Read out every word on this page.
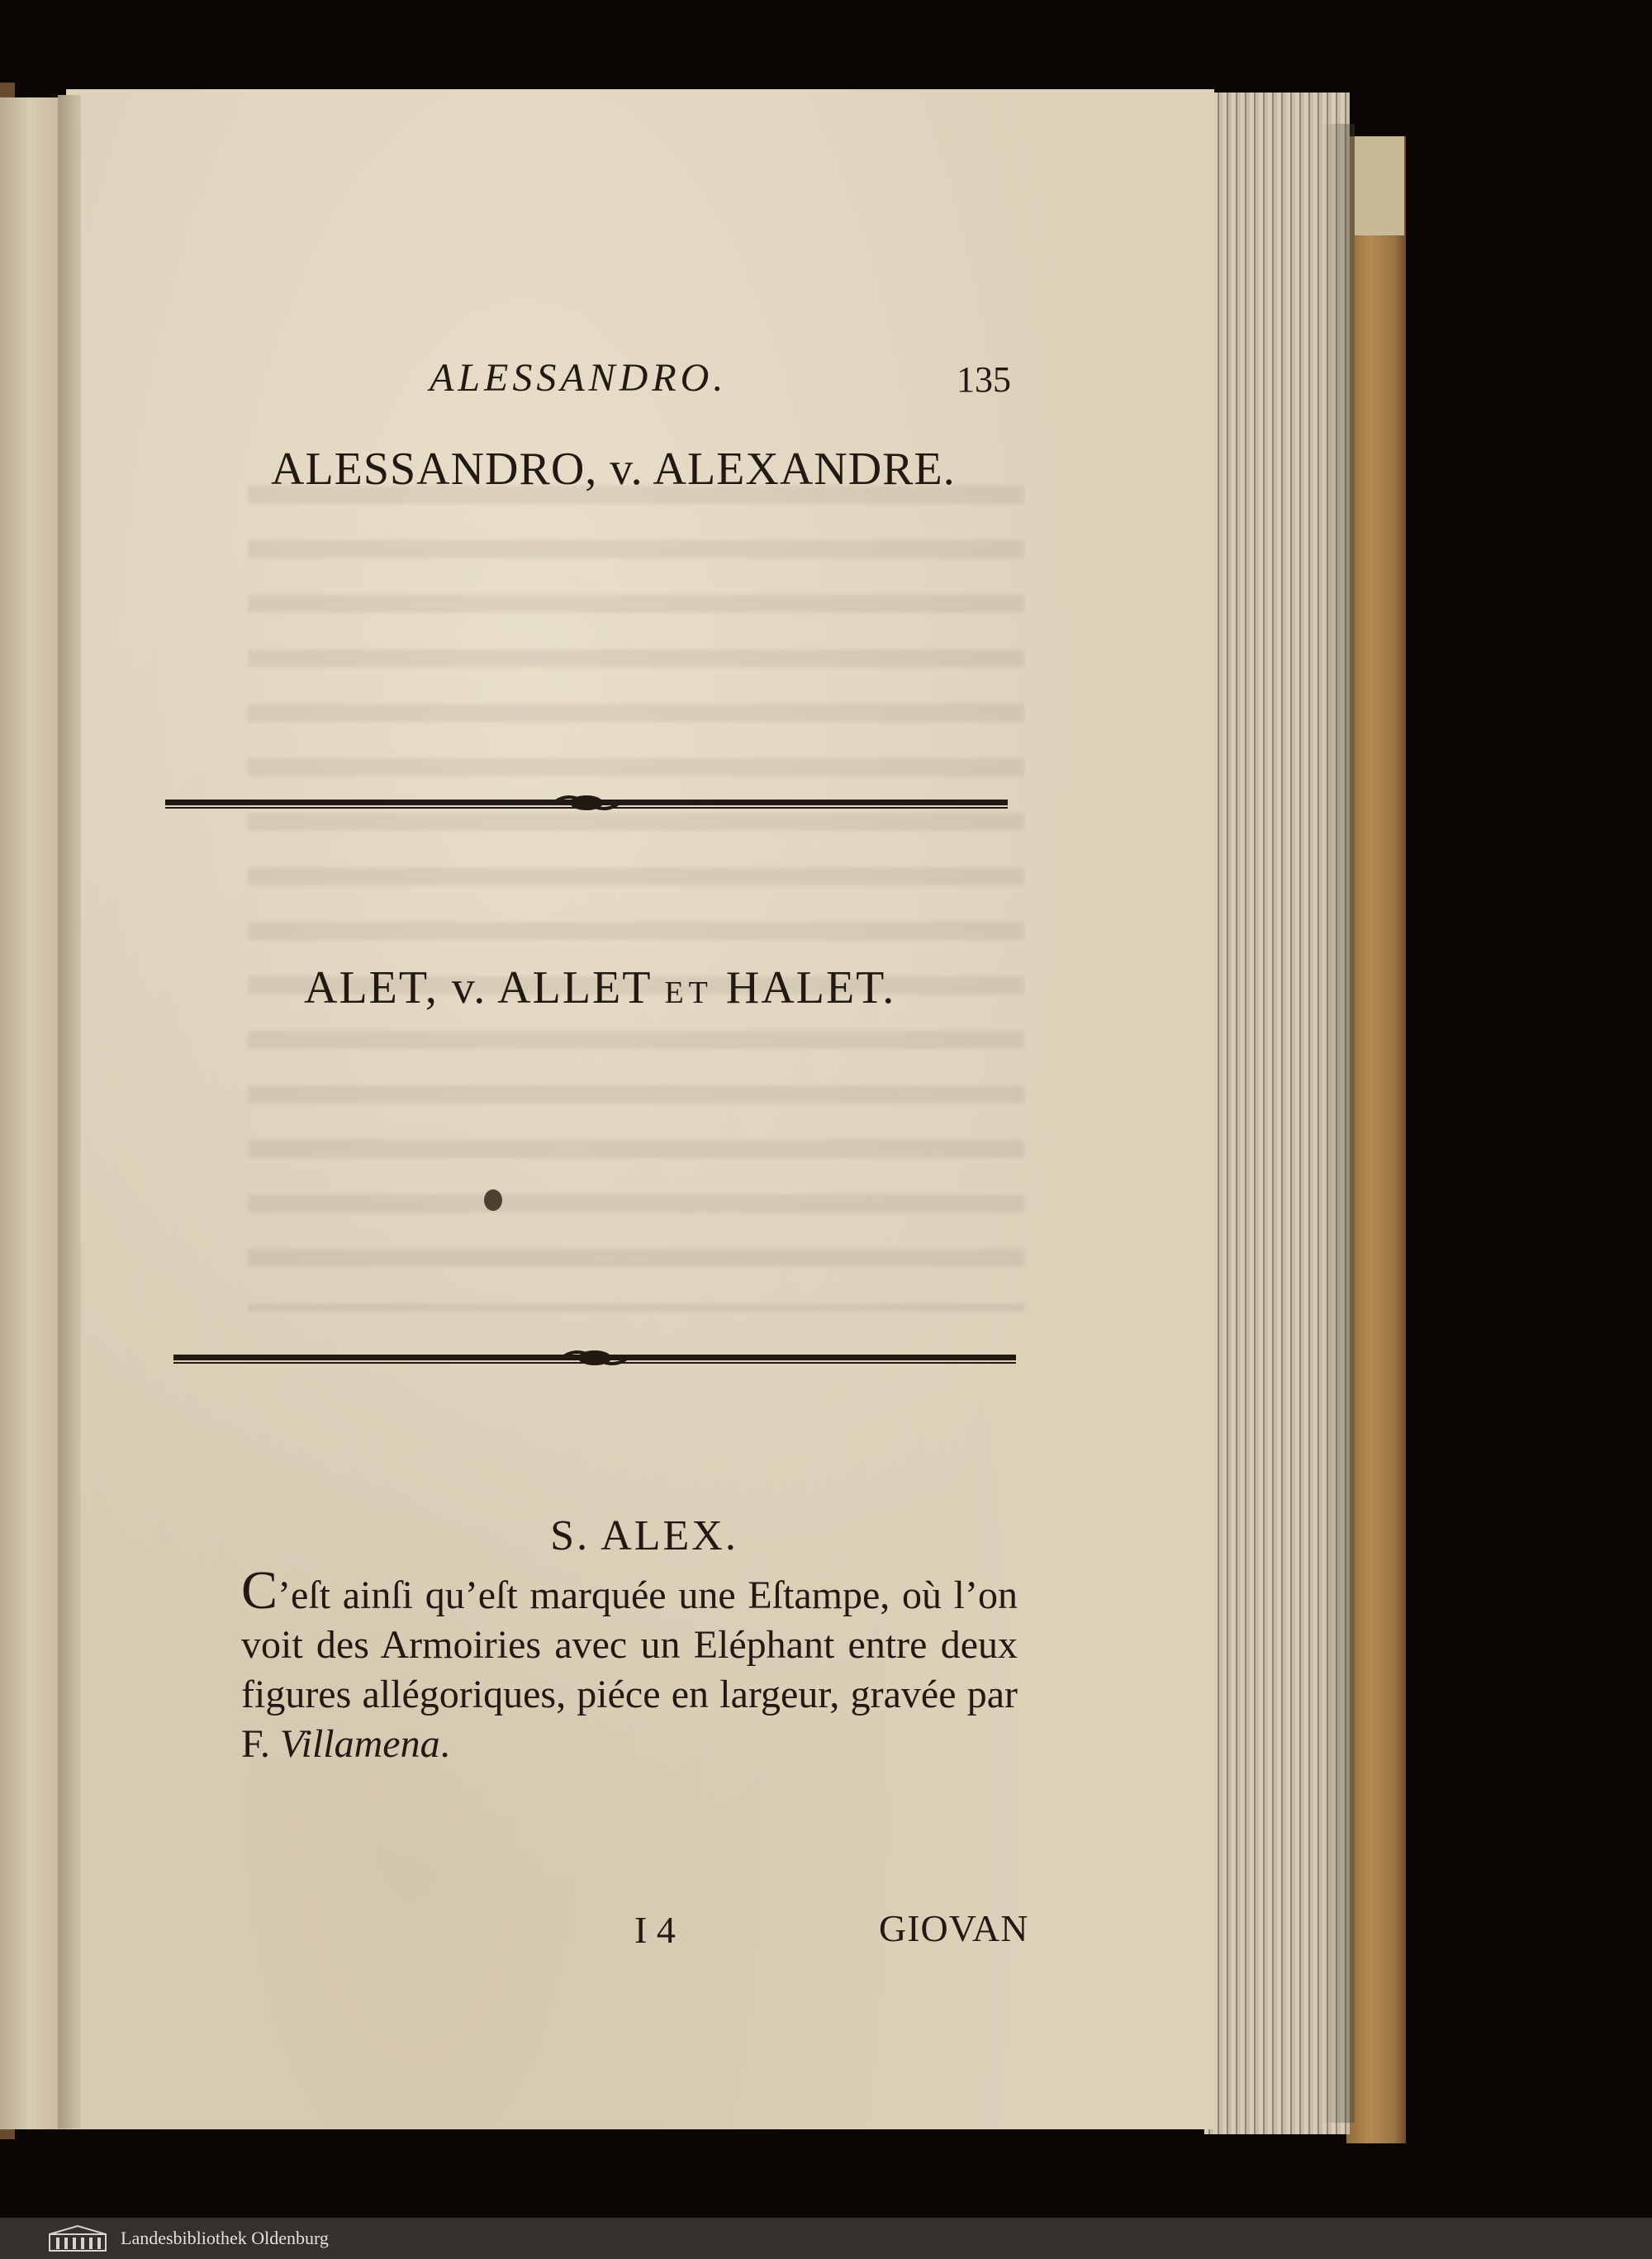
ALESSANDRO.	135
ALESSANDRO, v. ALEXANDRE.
ALET, v. ALLET ET HALET.
S. ALEX.
C’eſt ainſi qu’eſt marquée une Eſtampe, où l’on voit des Armoiries avec un Eléphant entre deux figures allégoriques, piéce en largeur, gravée par F. Villamena.
I 4	GIOVAN
Landesbibliothek Oldenburg
